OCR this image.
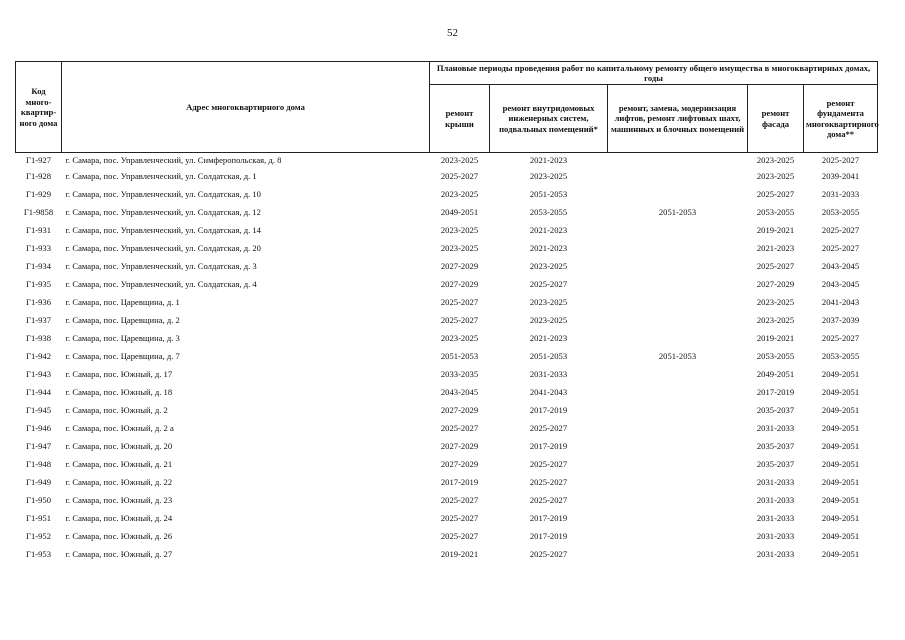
52
Код много-квартир-ного дома	Адрес многоквартирного дома	Плановые периоды проведения работ по капитальному ремонту общего имущества в многоквартирных домах, годы				
		ремонт крыши	ремонт внутридомовых инженерных систем, подвальных помещений*	ремонт, замена, модернизация лифтов, ремонт лифтовых шахт, машинных и блочных помещений	ремонт фасада	ремонт фундамента многоквартирного дома**
Г1-927	г. Самара, пос. Управленческий, ул. Симферопольская, д. 8	2023-2025	2021-2023		2023-2025	2025-2027
Г1-928	г. Самара, пос. Управленческий, ул. Солдатская, д. 1	2025-2027	2023-2025		2023-2025	2039-2041
Г1-929	г. Самара, пос. Управленческий, ул. Солдатская, д. 10	2023-2025	2051-2053		2025-2027	2031-2033
Г1-9858	г. Самара, пос. Управленческий, ул. Солдатская, д. 12	2049-2051	2053-2055	2051-2053	2053-2055	2053-2055
Г1-931	г. Самара, пос. Управленческий, ул. Солдатская, д. 14	2023-2025	2021-2023		2019-2021	2025-2027
Г1-933	г. Самара, пос. Управленческий, ул. Солдатская, д. 20	2023-2025	2021-2023		2021-2023	2025-2027
Г1-934	г. Самара, пос. Управленческий, ул. Солдатская, д. 3	2027-2029	2023-2025		2025-2027	2043-2045
Г1-935	г. Самара, пос. Управленческий, ул. Солдатская, д. 4	2027-2029	2025-2027		2027-2029	2043-2045
Г1-936	г. Самара, пос. Царевщина, д. 1	2025-2027	2023-2025		2023-2025	2041-2043
Г1-937	г. Самара, пос. Царевщина, д. 2	2025-2027	2023-2025		2023-2025	2037-2039
Г1-938	г. Самара, пос. Царевщина, д. 3	2023-2025	2021-2023		2019-2021	2025-2027
Г1-942	г. Самара, пос. Царевщина, д. 7	2051-2053	2051-2053	2051-2053	2053-2055	2053-2055
Г1-943	г. Самара, пос. Южный, д. 17	2033-2035	2031-2033		2049-2051	2049-2051
Г1-944	г. Самара, пос. Южный, д. 18	2043-2045	2041-2043		2017-2019	2049-2051
Г1-945	г. Самара, пос. Южный, д. 2	2027-2029	2017-2019		2035-2037	2049-2051
Г1-946	г. Самара, пос. Южный, д. 2 а	2025-2027	2025-2027		2031-2033	2049-2051
Г1-947	г. Самара, пос. Южный, д. 20	2027-2029	2017-2019		2035-2037	2049-2051
Г1-948	г. Самара, пос. Южный, д. 21	2027-2029	2025-2027		2035-2037	2049-2051
Г1-949	г. Самара, пос. Южный, д. 22	2017-2019	2025-2027		2031-2033	2049-2051
Г1-950	г. Самара, пос. Южный, д. 23	2025-2027	2025-2027		2031-2033	2049-2051
Г1-951	г. Самара, пос. Южный, д. 24	2025-2027	2017-2019		2031-2033	2049-2051
Г1-952	г. Самара, пос. Южный, д. 26	2025-2027	2017-2019		2031-2033	2049-2051
Г1-953	г. Самара, пос. Южный, д. 27	2019-2021	2025-2027		2031-2033	2049-2051
